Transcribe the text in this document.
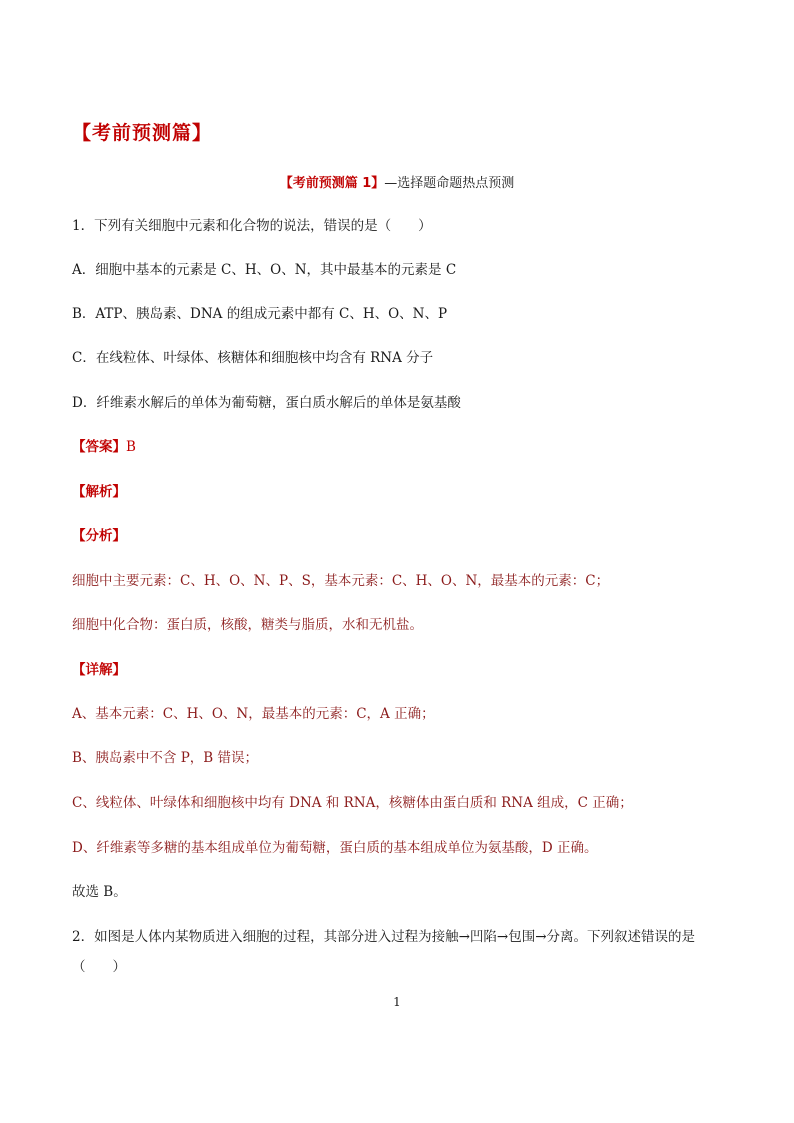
【考前预测篇】
【考前预测篇 1】—选择题命题热点预测
1．下列有关细胞中元素和化合物的说法，错误的是（　　）
A．细胞中基本的元素是 C、H、O、N，其中最基本的元素是 C
B．ATP、胰岛素、DNA 的组成元素中都有 C、H、O、N、P
C．在线粒体、叶绿体、核糖体和细胞核中均含有 RNA 分子
D．纤维素水解后的单体为葡萄糖，蛋白质水解后的单体是氨基酸
【答案】B
【解析】
【分析】
细胞中主要元素：C、H、O、N、P、S，基本元素：C、H、O、N，最基本的元素：C；
细胞中化合物：蛋白质，核酸，糖类与脂质，水和无机盐。
【详解】
A、基本元素：C、H、O、N，最基本的元素：C，A 正确；
B、胰岛素中不含 P，B 错误；
C、线粒体、叶绿体和细胞核中均有 DNA 和 RNA，核糖体由蛋白质和 RNA 组成，C 正确；
D、纤维素等多糖的基本组成单位为葡萄糖，蛋白质的基本组成单位为氨基酸，D 正确。
故选 B。
2．如图是人体内某物质进入细胞的过程，其部分进入过程为接触→凹陷→包围→分离。下列叙述错误的是
（　　）
1
